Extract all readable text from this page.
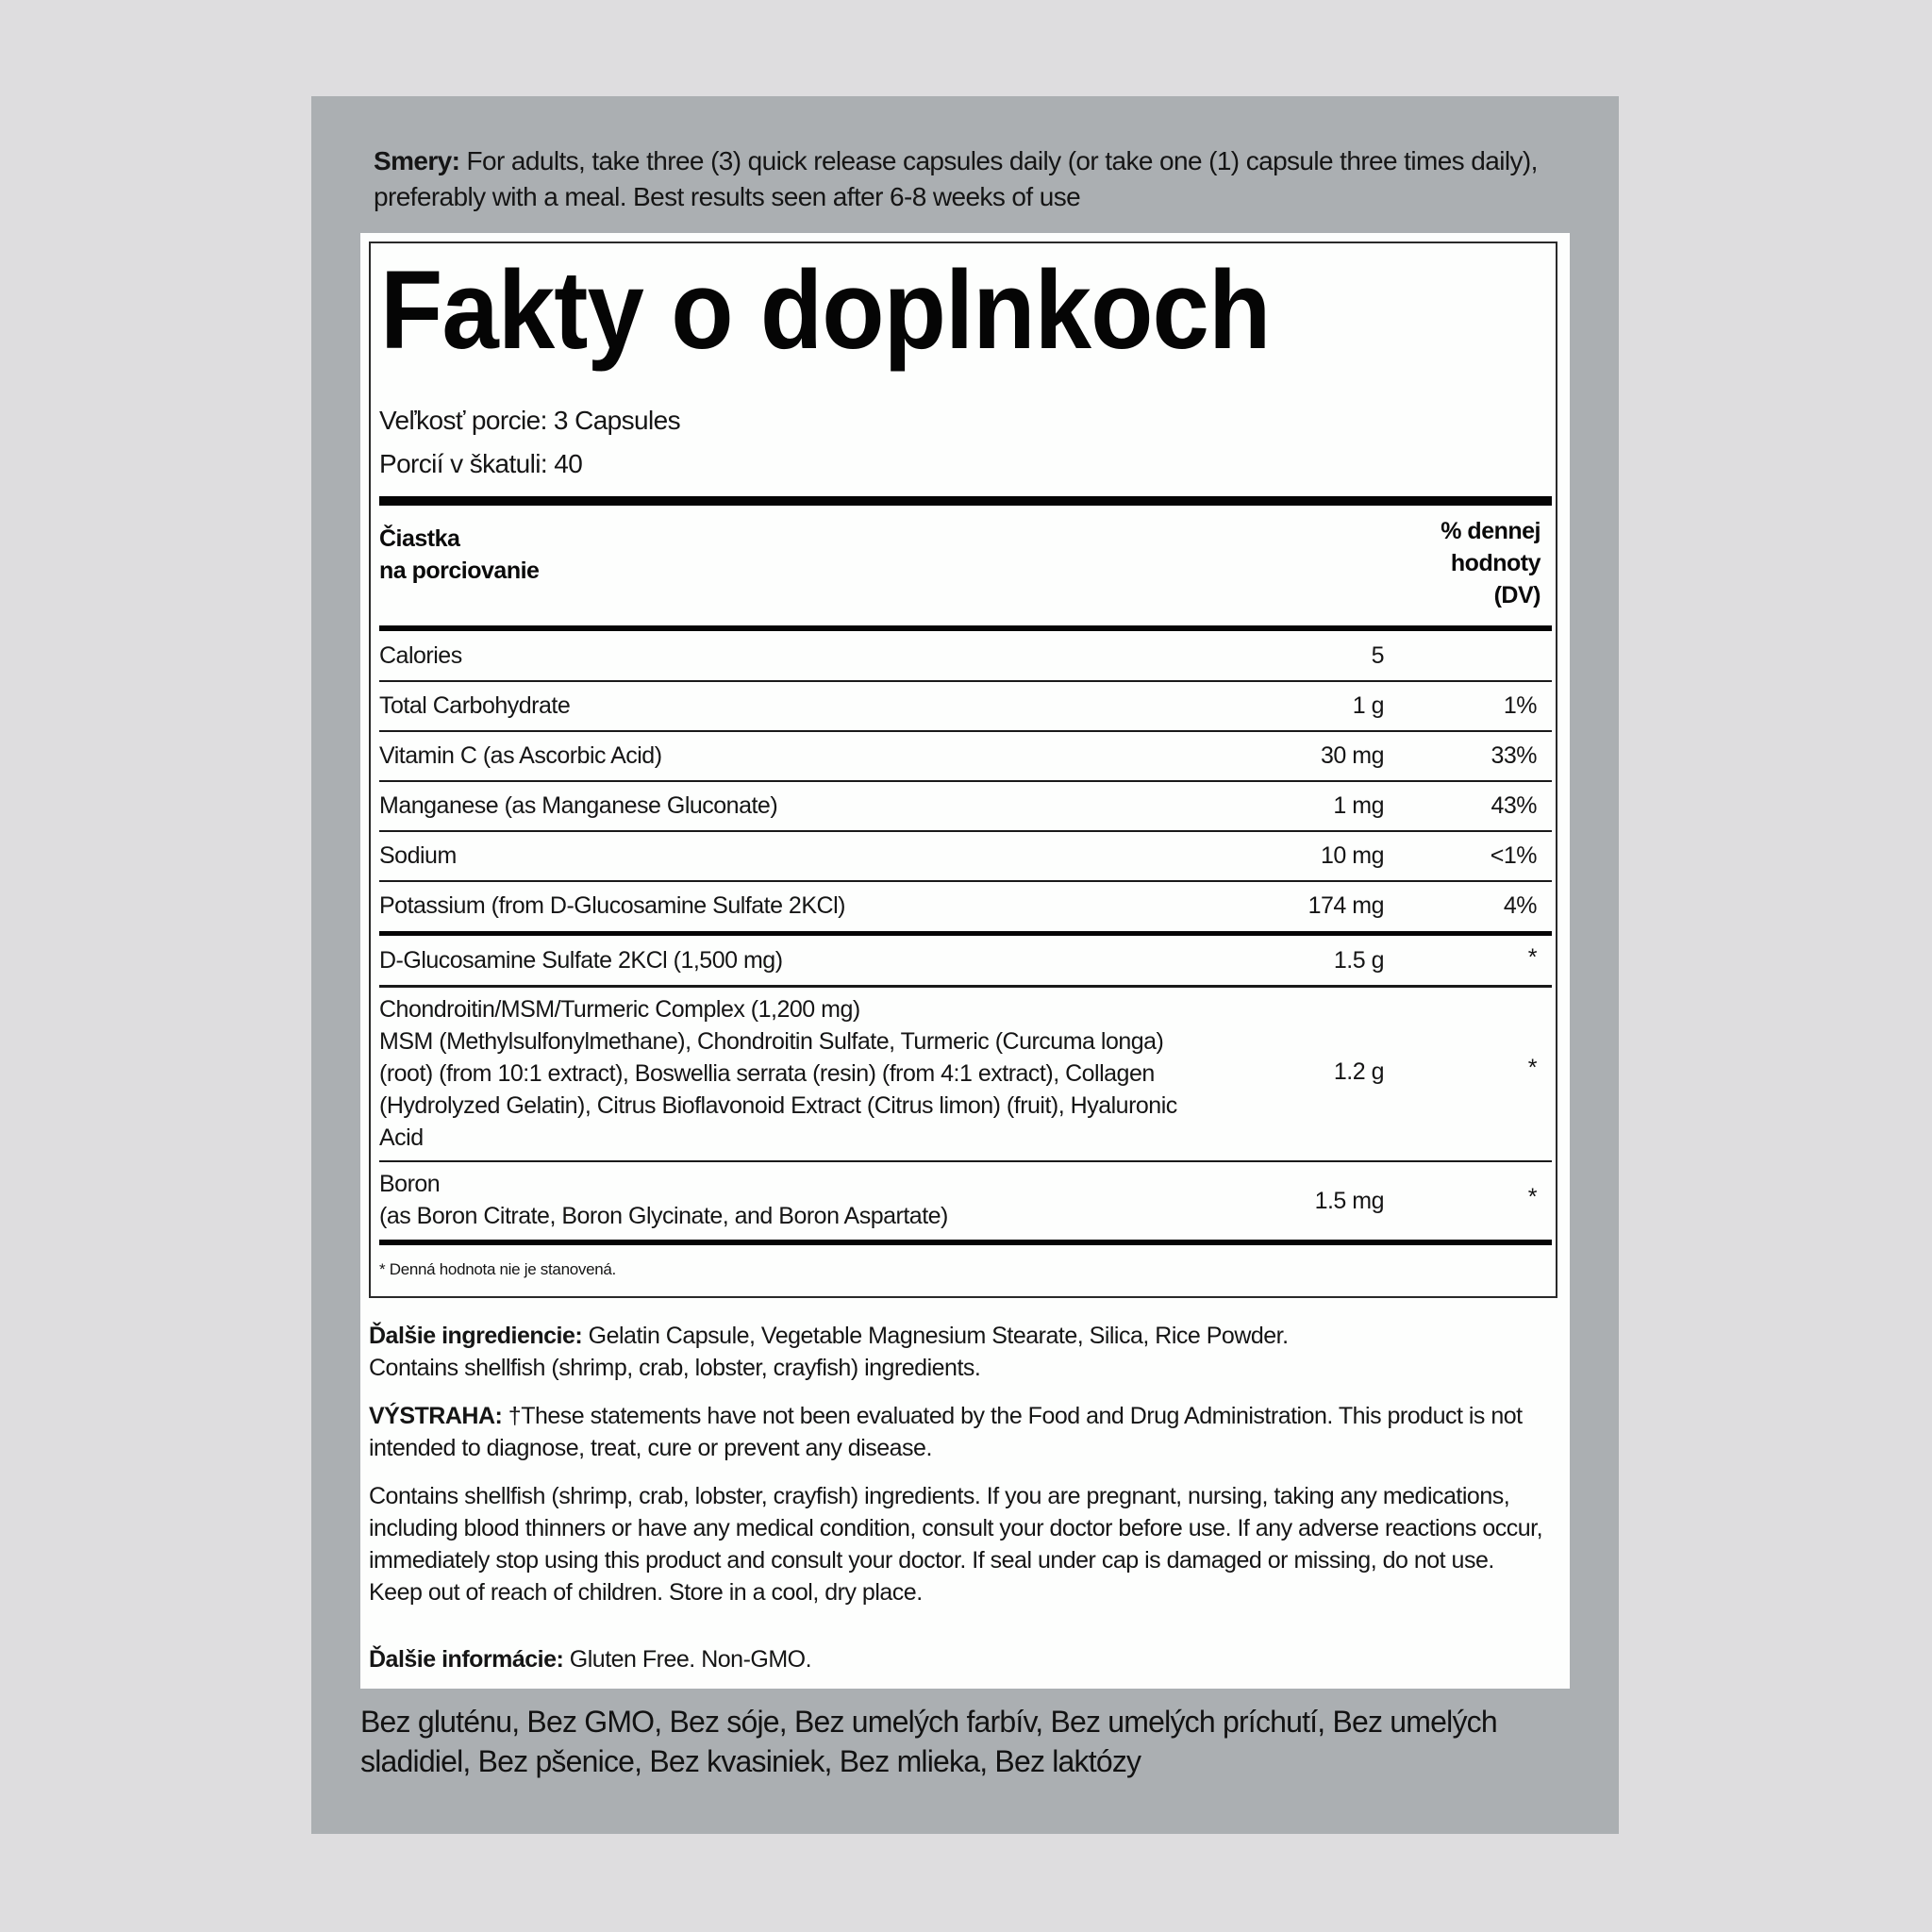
Smery: For adults, take three (3) quick release capsules daily (or take one (1) capsule three times daily), preferably with a meal. Best results seen after 6-8 weeks of use
Fakty o doplnkoch
Veľkosť porcie: 3 Capsules
Porcií v škatuli: 40
Čiastka
na porciovanie
% dennej
hodnoty
(DV)
Calories	5
Total Carbohydrate	1 g	1%
Vitamin C (as Ascorbic Acid)	30 mg	33%
Manganese (as Manganese Gluconate)	1 mg	43%
Sodium	10 mg	<1%
Potassium (from D-Glucosamine Sulfate 2KCl)	174 mg	4%
D-Glucosamine Sulfate 2KCl (1,500 mg)	1.5 g	*
Chondroitin/MSM/Turmeric Complex (1,200 mg)
MSM (Methylsulfonylmethane), Chondroitin Sulfate, Turmeric (Curcuma longa) (root) (from 10:1 extract), Boswellia serrata (resin) (from 4:1 extract), Collagen (Hydrolyzed Gelatin), Citrus Bioflavonoid Extract (Citrus limon) (fruit), Hyaluronic Acid
1.2 g	*
Boron
(as Boron Citrate, Boron Glycinate, and Boron Aspartate)
1.5 mg	*
* Denná hodnota nie je stanovená.
Ďalšie ingrediencie: Gelatin Capsule, Vegetable Magnesium Stearate, Silica, Rice Powder.
Contains shellfish (shrimp, crab, lobster, crayfish) ingredients.
VÝSTRAHA: †These statements have not been evaluated by the Food and Drug Administration. This product is not intended to diagnose, treat, cure or prevent any disease.
Contains shellfish (shrimp, crab, lobster, crayfish) ingredients. If you are pregnant, nursing, taking any medications, including blood thinners or have any medical condition, consult your doctor before use. If any adverse reactions occur, immediately stop using this product and consult your doctor. If seal under cap is damaged or missing, do not use. Keep out of reach of children. Store in a cool, dry place.
Ďalšie informácie: Gluten Free. Non-GMO.
Bez gluténu, Bez GMO, Bez sóje, Bez umelých farbív, Bez umelých príchutí, Bez umelých sladidiel, Bez pšenice, Bez kvasiniek, Bez mlieka, Bez laktózy
